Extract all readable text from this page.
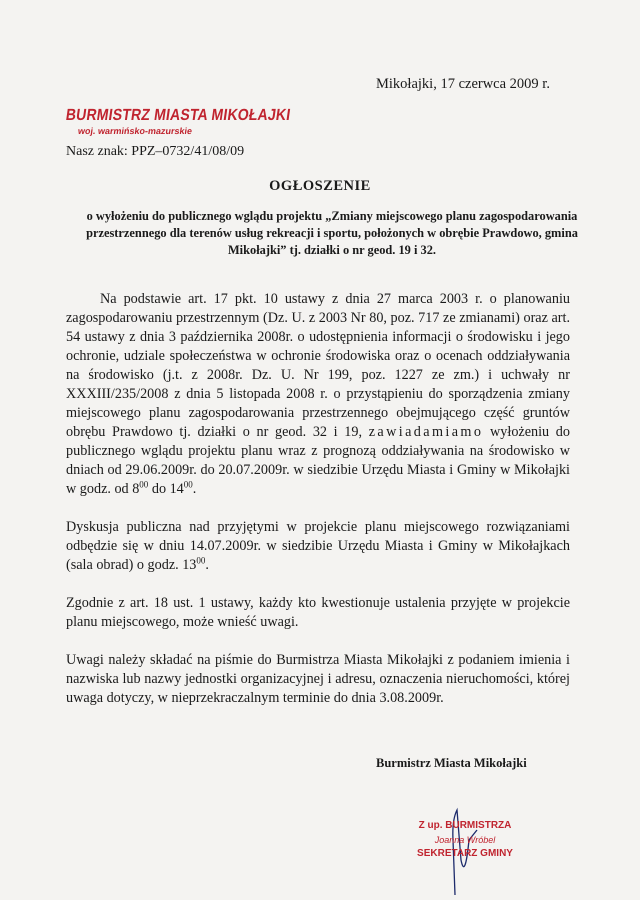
Mikołajki, 17 czerwca 2009 r.
BURMISTRZ MIASTA MIKOŁAJKI
woj. warmińsko-mazurskie
Nasz znak: PPZ–0732/41/08/09
OGŁOSZENIE
o wyłożeniu do publicznego wglądu projektu „Zmiany miejscowego planu zagospodarowania przestrzennego dla terenów usług rekreacji i sportu, położonych w obrębie Prawdowo, gmina Mikołajki” tj. działki o nr geod. 19 i 32.

Na podstawie art. 17 pkt. 10 ustawy z dnia 27 marca 2003 r. o planowaniu zagospodarowaniu przestrzennym (Dz. U. z 2003 Nr 80, poz. 717 ze zmianami) oraz art. 54 ustawy z dnia 3 października 2008r. o udostępnienia informacji o środowisku i jego ochronie, udziale społeczeństwa w ochronie środowiska oraz o ocenach oddziaływania na środowisko (j.t. z 2008r. Dz. U. Nr 199, poz. 1227 ze zm.) i uchwały nr XXXIII/235/2008 z dnia 5 listopada 2008 r. o przystąpieniu do sporządzenia zmiany miejscowego planu zagospodarowania przestrzennego obejmującego część gruntów obrębu Prawdowo tj. działki o nr geod. 32 i 19, zawiadamiamo wyłożeniu do publicznego wglądu projektu planu wraz z prognozą oddziaływania na środowisko w dniach od 29.06.2009r. do 20.07.2009r. w siedzibie Urzędu Miasta i Gminy w Mikołajki w godz. od $8^{00}$ do $14^{00}$.

Dyskusja publiczna nad przyjętymi w projekcie planu miejscowego rozwiązaniami odbędzie się w dniu 14.07.2009r. w siedzibie Urzędu Miasta i Gminy w Mikołajkach (sala obrad) o godz. $13^{00}$.

Zgodnie z art. 18 ust. 1 ustawy, każdy kto kwestionuje ustalenia przyjęte w projekcie planu miejscowego, może wnieść uwagi.

Uwagi należy składać na piśmie do Burmistrza Miasta Mikołajki z podaniem imienia i nazwiska lub nazwy jednostki organizacyjnej i adresu, oznaczenia nieruchomości, której uwaga dotyczy, w nieprzekraczalnym terminie do dnia 3.08.2009r.

Burmistrz Miasta Mikołajki
Z up. BURMISTRZA
Joanna Wróbel
SEKRETARZ GMINY
